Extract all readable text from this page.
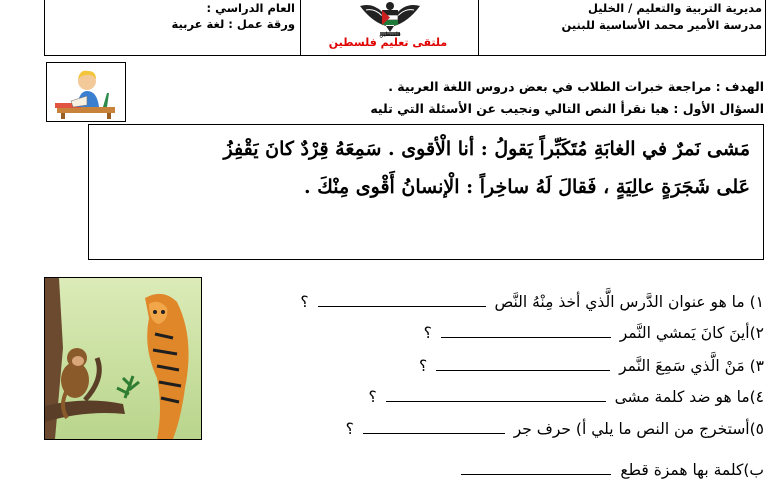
مديرية التربية والتعليم / الخليل
مدرسة الأمير محمد الأساسية للبنين
العام الدراسي :
ورقة عمل : لغة عربية
فلسطين
ملتقى تعليم فلسطين
الهدف : مراجعة خبرات الطلاب في بعض دروس اللغة العربية .
السؤال الأول : هيا نقرأ النص التالي ونجيب عن الأسئلة التي تليه
مَشى نَمرٌ في الغابَةِ مُتَكَبِّراً يَقولُ : أنا الْأقوى . سَمِعَهُ قِرْدٌ كانَ يَقْفِزُ
عَلى شَجَرَةٍ عالِيَةٍ ، فَقالَ لَهُ ساخِراً : الْإنسانُ أَقْوى مِنْكَ .
١) ما هو عنوان الدَّرس الَّذي أخذ مِنْهُ النَّص  ؟
٢)أينَ كانَ يَمشي النَّمر  ؟
٣) مَنْ الَّذي سَمِعَ النَّمر  ؟
٤)ما هو ضد كلمة مشى  ؟
٥)أستخرج من النص ما يلي أ) حرف جر  ؟
ب)كلمة بها همزة قطع
